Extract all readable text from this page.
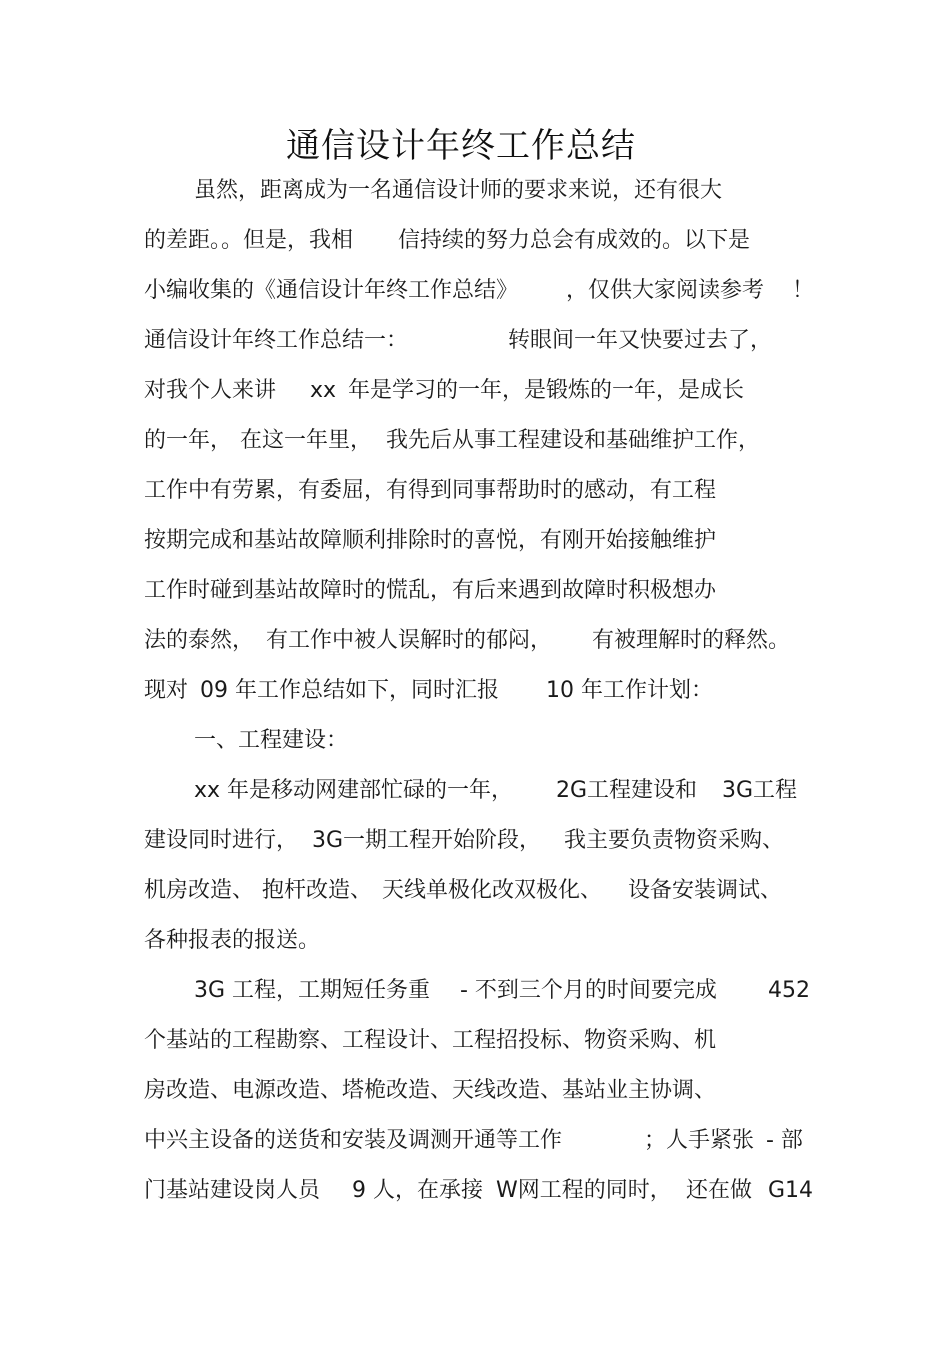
通信设计年终工作总结
虽然，距离成为一名通信设计师的要求来说，还有很大
的差距。。但是，我相 信持续的努力总会有成效的。以下是
小编收集的《通信设计年终工作总结》 ，仅供大家阅读参考 ！
通信设计年终工作总结一：	转眼间一年又快要过去了，
对我个人来讲 xx 年是学习的一年，是锻炼的一年，是成长
的一年， 在这一年里， 我先后从事工程建设和基础维护工作，
工作中有劳累，有委屈，有得到同事帮助时的感动，有工程
按期完成和基站故障顺利排除时的喜悦，有刚开始接触维护
工作时碰到基站故障时的慌乱，有后来遇到故障时积极想办
法的泰然， 有工作中被人误解时的郁闷， 有被理解时的释然。
现对 09 年工作总结如下，同时汇报 10 年工作计划：
一、工程建设：
xx 年是移动网建部忙碌的一年， 2G工程建设和 3G工程
建设同时进行， 3G一期工程开始阶段， 我主要负责物资采购、
机房改造、 抱杆改造、 天线单极化改双极化、 设备安装调试、
各种报表的报送。
3G 工程，工期短任务重 - 不到三个月的时间要完成 452
个基站的工程勘察、工程设计、工程招投标、物资采购、机
房改造、电源改造、塔桅改造、天线改造、基站业主协调、
中兴主设备的送货和安装及调测开通等工作	；人手紧张 - 部
门基站建设岗人员 9 人，在承接 W网工程的同时， 还在做 G14
